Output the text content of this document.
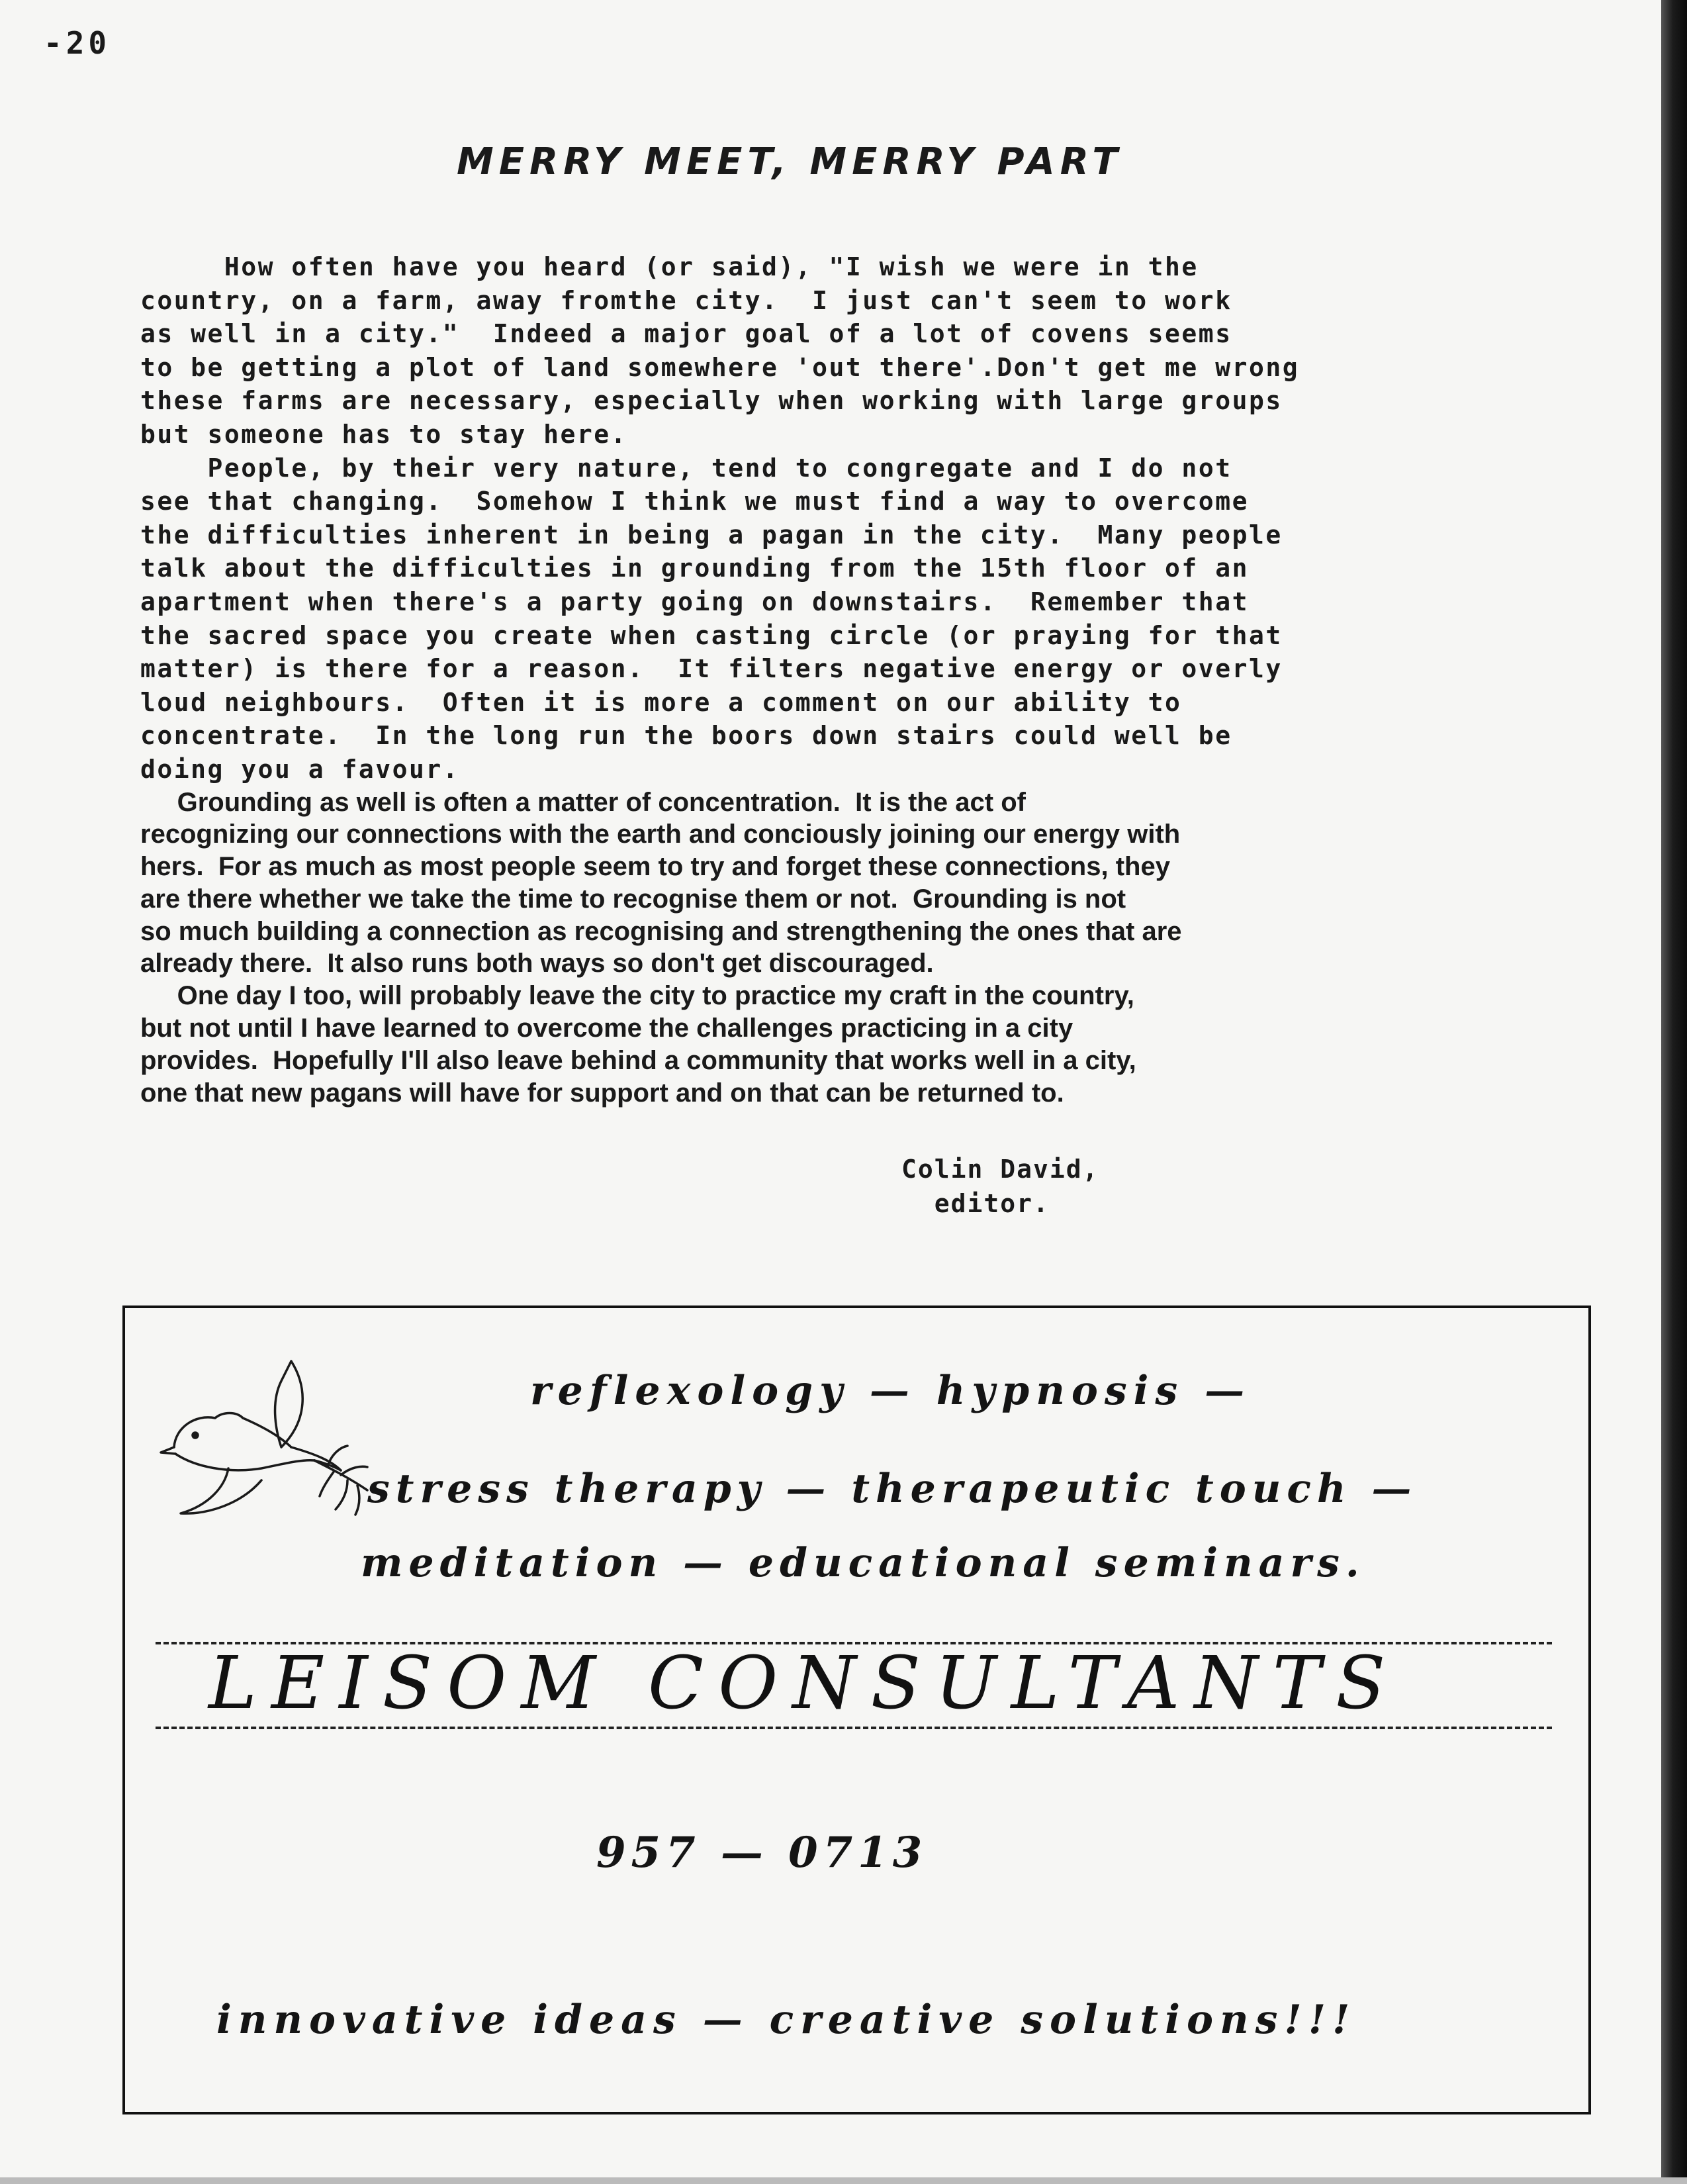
-20

MERRY MEET, MERRY PART

How often have you heard (or said), "I wish we were in the
country, on a farm, away fromthe city.  I just can't seem to work
as well in a city."  Indeed a major goal of a lot of covens seems
to be getting a plot of land somewhere 'out there'.Don't get me wrong
these farms are necessary, especially when working with large groups
but someone has to stay here.

People, by their very nature, tend to congregate and I do not
see that changing.  Somehow I think we must find a way to overcome
the difficulties inherent in being a pagan in the city.  Many people
talk about the difficulties in grounding from the 15th floor of an
apartment when there's a party going on downstairs.  Remember that
the sacred space you create when casting circle (or praying for that
matter) is there for a reason.  It filters negative energy or overly
loud neighbours.  Often it is more a comment on our ability to
concentrate.  In the long run the boors down stairs could well be
doing you a favour.

Grounding as well is often a matter of concentration.  It is the act of
recognizing our connections with the earth and conciously joining our energy with
hers.  For as much as most people seem to try and forget these connections, they
are there whether we take the time to recognise them or not.  Grounding is not
so much building a connection as recognising and strengthening the ones that are
already there.  It also runs both ways so don't get discouraged.

One day I too, will probably leave the city to practice my craft in the country,
but not until I have learned to overcome the challenges practicing in a city
provides.  Hopefully I'll also leave behind a community that works well in a city,
one that new pagans will have for support and on that can be returned to.

Colin David,
editor.

reflexology — hypnosis —

stress therapy — therapeutic touch —

meditation — educational seminars.

LEISOM CONSULTANTS

957 — 0713

innovative ideas — creative solutions!!!
